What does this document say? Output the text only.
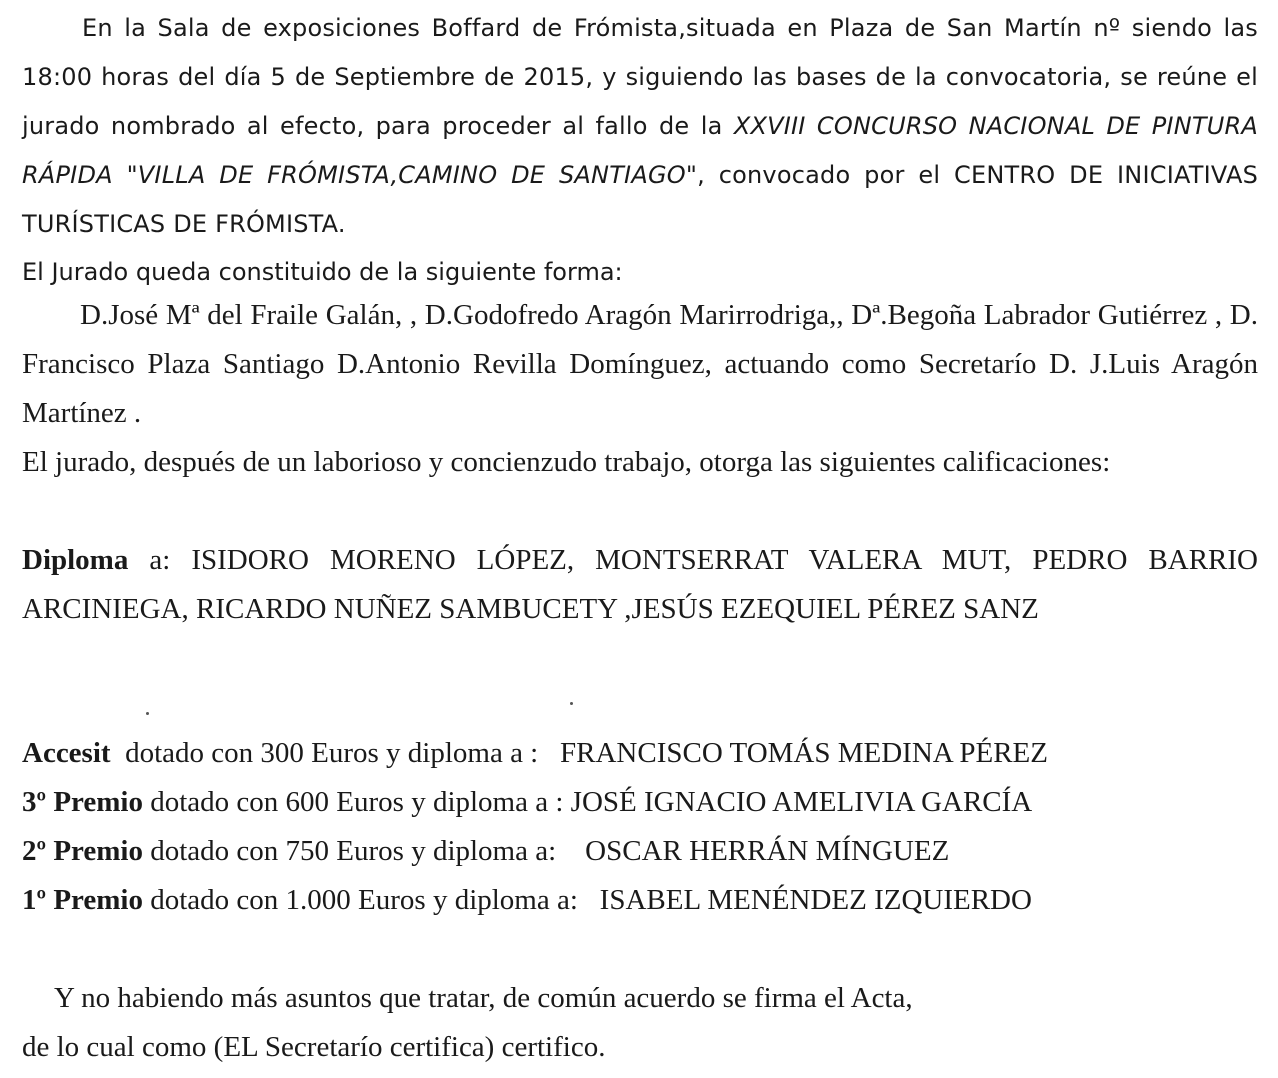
En la Sala de exposiciones Boffard de Frómista,situada en Plaza de San Martín nº siendo las 18:00 horas del día 5 de Septiembre de 2015, y siguiendo las bases de la convocatoria, se reúne el jurado nombrado al efecto, para proceder al fallo de la XXVIII CONCURSO NACIONAL DE PINTURA RÁPIDA "VILLA DE FRÓMISTA,CAMINO DE SANTIAGO", convocado por el CENTRO DE INICIATIVAS TURÍSTICAS DE FRÓMISTA.

El Jurado queda constituido de la siguiente forma:

D.José Mª del Fraile Galán, , D.Godofredo Aragón Marirrodriga,, Dª.Begoña Labrador Gutiérrez , D. Francisco Plaza Santiago D.Antonio Revilla Domínguez, actuando como Secretarío D. J.Luis Aragón Martínez .

El jurado, después de un laborioso y concienzudo trabajo, otorga las siguientes calificaciones:

Diploma a: ISIDORO MORENO LÓPEZ, MONTSERRAT VALERA MUT, PEDRO BARRIO ARCINIEGA, RICARDO NUÑEZ SAMBUCETY ,JESÚS EZEQUIEL PÉREZ SANZ

Accesit dotado con 300 Euros y diploma a : FRANCISCO TOMÁS MEDINA PÉREZ
3º Premio dotado con 600 Euros y diploma a : JOSÉ IGNACIO AMELIVIA GARCÍA
2º Premio dotado con 750 Euros y diploma a: OSCAR HERRÁN MÍNGUEZ
1º Premio dotado con 1.000 Euros y diploma a: ISABEL MENÉNDEZ IZQUIERDO

Y no habiendo más asuntos que tratar, de común acuerdo se firma el Acta,
de lo cual como (EL Secretarío certifica) certifico.
